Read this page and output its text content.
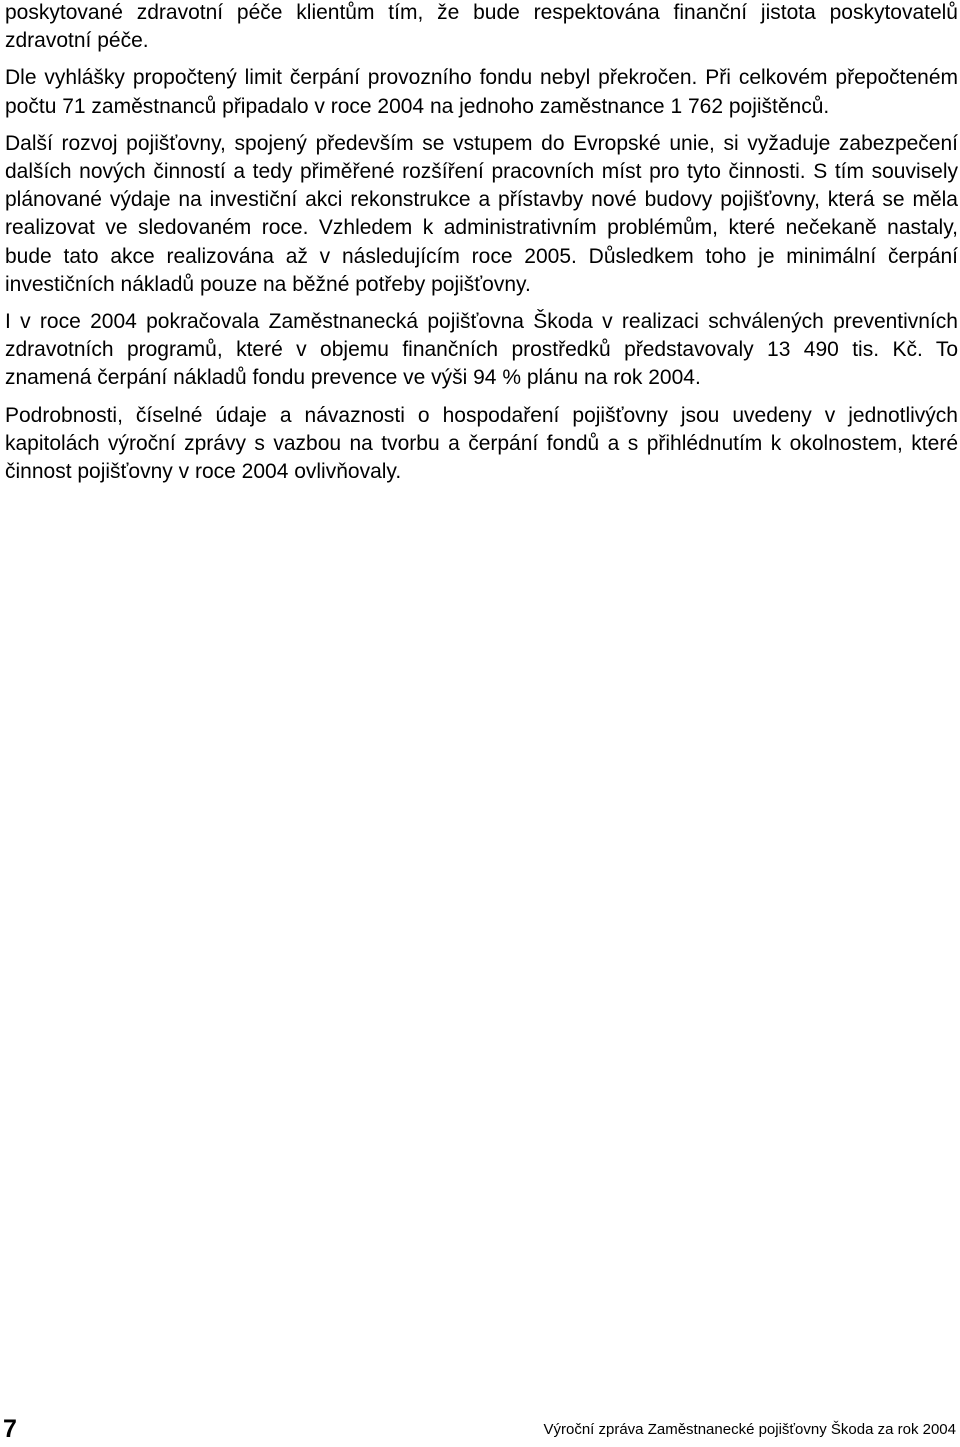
poskytované zdravotní péče klientům tím, že bude respektována finanční jistota poskytovatelů zdravotní péče.

Dle vyhlášky propočtený limit čerpání provozního fondu nebyl překročen. Při celkovém přepočteném počtu 71 zaměstnanců připadalo v roce 2004 na jednoho zaměstnance 1 762 pojištěnců.

Další rozvoj pojišťovny, spojený především se vstupem do Evropské unie, si vyžaduje zabezpečení dalších nových činností a tedy přiměřené rozšíření pracovních míst pro tyto činnosti. S tím souvisely plánované výdaje na investiční akci rekonstrukce a přístavby nové budovy pojišťovny, která se měla realizovat ve sledovaném roce. Vzhledem k administrativním problémům, které nečekaně nastaly, bude tato akce realizována až v následujícím roce 2005. Důsledkem toho je minimální čerpání investičních nákladů pouze na běžné potřeby pojišťovny.

I v roce 2004 pokračovala Zaměstnanecká pojišťovna Škoda v realizaci schválených preventivních zdravotních programů, které v objemu finančních prostředků představovaly 13 490 tis. Kč. To znamená čerpání nákladů fondu prevence ve výši 94 % plánu na rok 2004.

Podrobnosti, číselné údaje a návaznosti o hospodaření pojišťovny jsou uvedeny v jednotlivých kapitolách výroční zprávy s vazbou na tvorbu a čerpání fondů a s přihlédnutím k okolnostem, které činnost pojišťovny v roce 2004 ovlivňovaly.

7	Výroční zpráva Zaměstnanecké pojišťovny Škoda za rok 2004
